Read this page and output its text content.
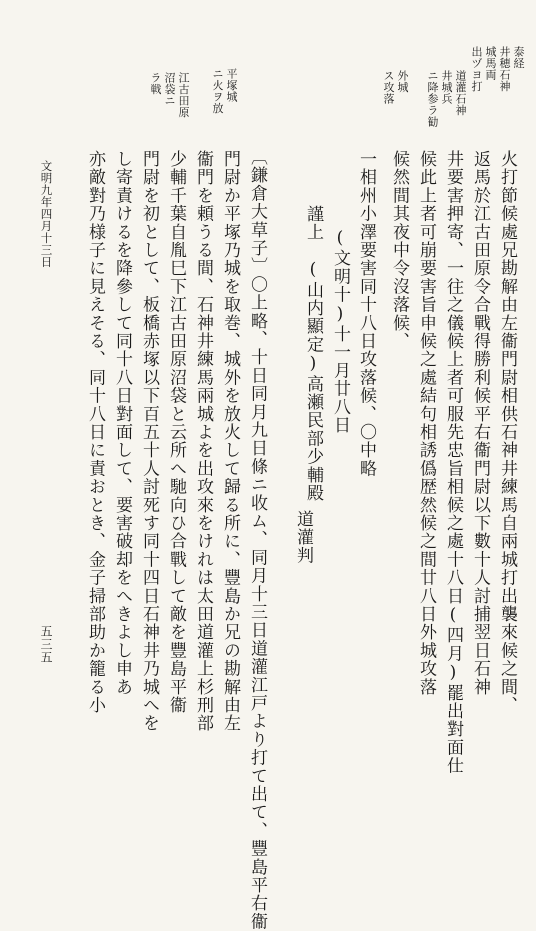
泰経
井穂石神
城馬両
出ヅヨ打
道灌石神
井城兵
ニ降参ラ勧
外城
ス攻落
平塚城
ニ火ヲ放
江古田原
沼袋ニ
ラ戦
火打節候處兄勘解由左衞門尉相供石神井練馬自兩城打出襲來候之間、
返馬於江古田原令合戰得勝利候平右衞門尉以下數十人討捕翌日石神
井要害押寄、一往之儀候上者可服先忠旨相候之處十八日(四月)罷出對面仕
候此上者可崩要害旨申候之處結句相誘僞歴然候之間廿八日外城攻落
候然間其夜中令沒落候、
一相州小澤要害同十八日攻落候、〇中略
(文明十)十一月廿八日
謹上　(山内顯定)高瀬民部少輔殿
道灌判
〔鎌倉大草子〕〇上略、十日同月九日條ニ收ム、同月十三日道灌江戸より打て出て、豐島平右衞
門尉か平塚乃城を取巻、城外を放火して歸る所に、豐島か兄の勘解由左
衞門を頼うる間、石神井練馬兩城よを出攻來をけれは太田道灌上杉刑部
少輔千葉自胤巳下江古田原沼袋と云所へ馳向ひ合戰して敵を豐島平衞
門尉を初として、板橋赤塚以下百五十人討死す同十四日石神井乃城へを
し寄責けるを降參して同十八日對面して、要害破却をへきよし申あ
亦敵對乃様子に見えそる、同十八日に責おとき、金子掃部助か籠る小
文明九年四月十三日
五三五
